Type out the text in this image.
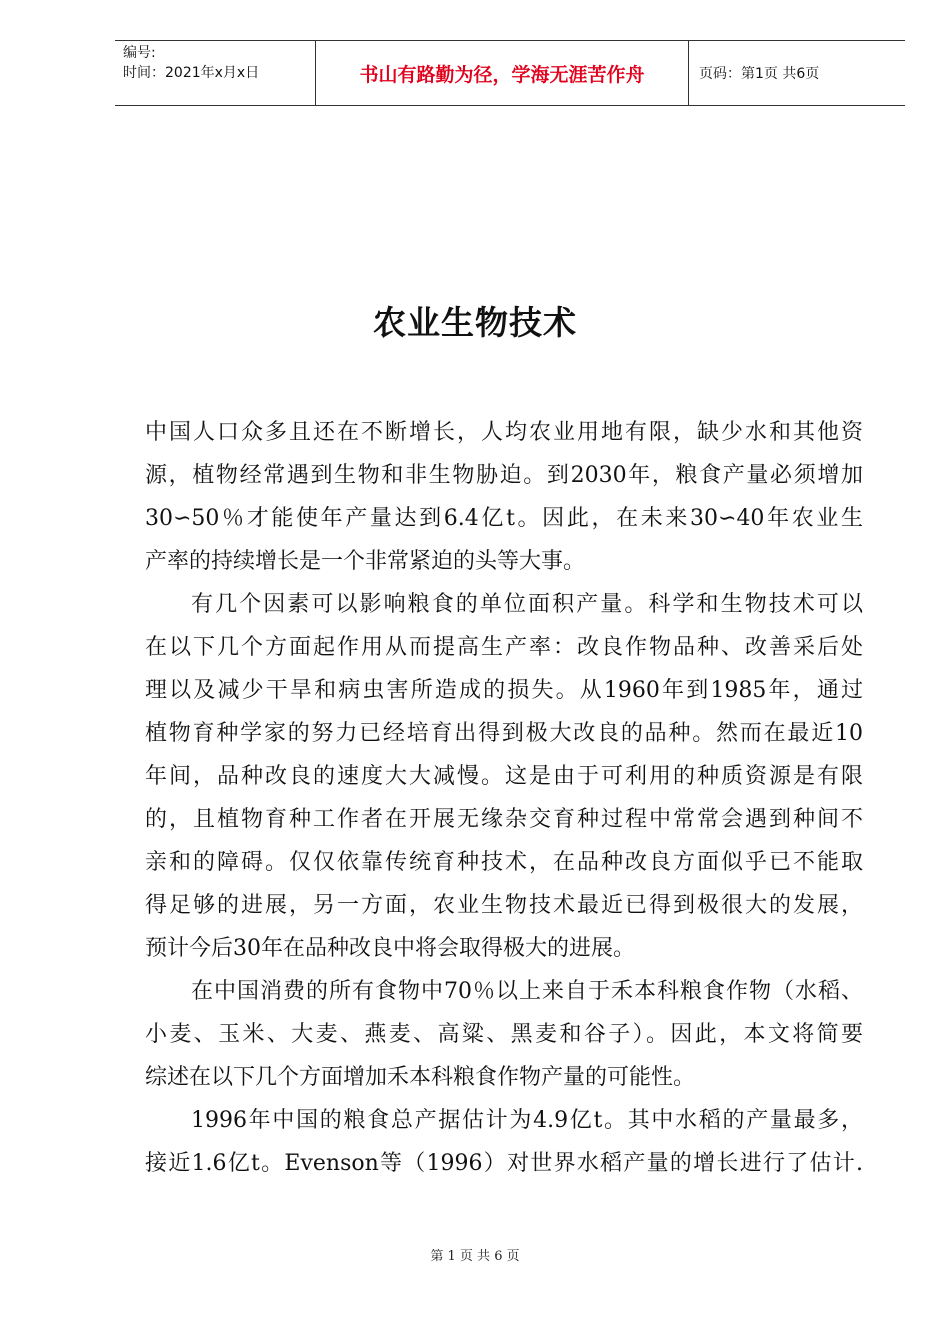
编号:
时间：2021年x月x日	书山有路勤为径，学海无涯苦作舟	页码：第1页 共6页
农业生物技术

中国人口众多且还在不断增长，人均农业用地有限，缺少水和其他资

源，植物经常遇到生物和非生物胁迫。到2030年，粮食产量必须增加

30∽50％才能使年产量达到6.4亿t。因此，在未来30∽40年农业生

产率的持续增长是一个非常紧迫的头等大事。

有几个因素可以影响粮食的单位面积产量。科学和生物技术可以

在以下几个方面起作用从而提高生产率：改良作物品种、改善采后处

理以及减少干旱和病虫害所造成的损失。从1960年到1985年，通过

植物育种学家的努力已经培育出得到极大改良的品种。然而在最近10

年间，品种改良的速度大大减慢。这是由于可利用的种质资源是有限

的，且植物育种工作者在开展无缘杂交育种过程中常常会遇到种间不

亲和的障碍。仅仅依靠传统育种技术，在品种改良方面似乎已不能取

得足够的进展，另一方面，农业生物技术最近已得到极很大的发展，

预计今后30年在品种改良中将会取得极大的进展。

在中国消费的所有食物中70％以上来自于禾本科粮食作物（水稻、

小麦、玉米、大麦、燕麦、高粱、黑麦和谷子）。因此，本文将简要

综述在以下几个方面增加禾本科粮食作物产量的可能性。

1996年中国的粮食总产据估计为4.9亿t。其中水稻的产量最多，

接近1.6亿t。Evenson等（1996）对世界水稻产量的增长进行了估计.

第 1 页 共 6 页
